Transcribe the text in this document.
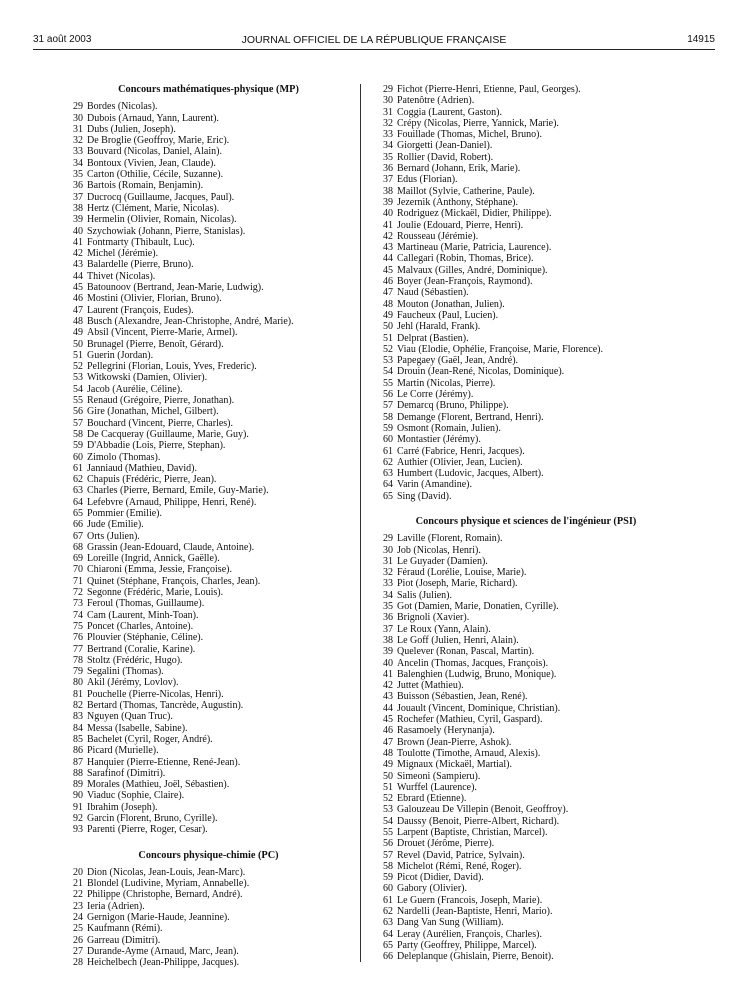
31 août 2003	JOURNAL OFFICIEL DE LA RÉPUBLIQUE FRANÇAISE	14915
Concours mathématiques-physique (MP)
29 Bordes (Nicolas).
30 Dubois (Arnaud, Yann, Laurent).
31 Dubs (Julien, Joseph).
32 De Broglie (Geoffroy, Marie, Eric).
33 Bouvard (Nicolas, Daniel, Alain).
34 Bontoux (Vivien, Jean, Claude).
35 Carton (Othilie, Cécile, Suzanne).
36 Bartois (Romain, Benjamin).
37 Ducrocq (Guillaume, Jacques, Paul).
38 Hertz (Clément, Marie, Nicolas).
39 Hermelin (Olivier, Romain, Nicolas).
40 Szychowiak (Johann, Pierre, Stanislas).
41 Fontmarty (Thibault, Luc).
42 Michel (Jérémie).
43 Balardelle (Pierre, Bruno).
44 Thivet (Nicolas).
45 Batounoov (Bertrand, Jean-Marie, Ludwig).
46 Mostini (Olivier, Florian, Bruno).
47 Laurent (François, Eudes).
48 Busch (Alexandre, Jean-Christophe, André, Marie).
49 Absil (Vincent, Pierre-Marie, Armel).
50 Brunagel (Pierre, Benoît, Gérard).
51 Guerin (Jordan).
52 Pellegrini (Florian, Louis, Yves, Frederic).
53 Witkowski (Damien, Olivier).
54 Jacob (Aurélie, Céline).
55 Renaud (Grégoire, Pierre, Jonathan).
56 Gire (Jonathan, Michel, Gilbert).
57 Bouchard (Vincent, Pierre, Charles).
58 De Cacqueray (Guillaume, Marie, Guy).
59 D'Abbadie (Lois, Pierre, Stephan).
60 Zimolo (Thomas).
61 Janniaud (Mathieu, David).
62 Chapuis (Frédéric, Pierre, Jean).
63 Charles (Pierre, Bernard, Emile, Guy-Marie).
64 Lefebvre (Arnaud, Philippe, Henri, René).
65 Pommier (Emilie).
66 Jude (Emilie).
67 Orts (Julien).
68 Grassin (Jean-Edouard, Claude, Antoine).
69 Loreille (Ingrid, Annick, Gaëlle).
70 Chiaroni (Emma, Jessie, Françoise).
71 Quinet (Stéphane, François, Charles, Jean).
72 Segonne (Frédéric, Marie, Louis).
73 Feroul (Thomas, Guillaume).
74 Cam (Laurent, Minh-Toan).
75 Poncet (Charles, Antoine).
76 Plouvier (Stéphanie, Céline).
77 Bertrand (Coralie, Karine).
78 Stoltz (Frédéric, Hugo).
79 Segalini (Thomas).
80 Akil (Jérémy, Lovlov).
81 Pouchelle (Pierre-Nicolas, Henri).
82 Bertard (Thomas, Tancrède, Augustin).
83 Nguyen (Quan Truc).
84 Messa (Isabelle, Sabine).
85 Bachelet (Cyril, Roger, André).
86 Picard (Murielle).
87 Hanquier (Pierre-Etienne, René-Jean).
88 Sarafinof (Dimitri).
89 Morales (Mathieu, Joël, Sébastien).
90 Viaduc (Sophie, Claire).
91 Ibrahim (Joseph).
92 Garcin (Florent, Bruno, Cyrille).
93 Parenti (Pierre, Roger, Cesar).
Concours physique-chimie (PC)
20 Dion (Nicolas, Jean-Louis, Jean-Marc).
21 Blondel (Ludivine, Myriam, Annabelle).
22 Philippe (Christophe, Bernard, André).
23 Ieria (Adrien).
24 Gernigon (Marie-Haude, Jeannine).
25 Kaufmann (Rémi).
26 Garreau (Dimitri).
27 Durande-Ayme (Arnaud, Marc, Jean).
28 Heichelbech (Jean-Philippe, Jacques).
29 Fichot (Pierre-Henri, Etienne, Paul, Georges).
30 Patenôtre (Adrien).
31 Coggia (Laurent, Gaston).
32 Crépy (Nicolas, Pierre, Yannick, Marie).
33 Fouillade (Thomas, Michel, Bruno).
34 Giorgetti (Jean-Daniel).
35 Rollier (David, Robert).
36 Bernard (Johann, Erik, Marie).
37 Edus (Florian).
38 Maillot (Sylvie, Catherine, Paule).
39 Jezernik (Anthony, Stéphane).
40 Rodriguez (Mickaël, Didier, Philippe).
41 Joulie (Edouard, Pierre, Henri).
42 Rousseau (Jérémie).
43 Martineau (Marie, Patricia, Laurence).
44 Callegari (Robin, Thomas, Brice).
45 Malvaux (Gilles, André, Dominique).
46 Boyer (Jean-François, Raymond).
47 Naud (Sébastien).
48 Mouton (Jonathan, Julien).
49 Faucheux (Paul, Lucien).
50 Jehl (Harald, Frank).
51 Delprat (Bastien).
52 Viau (Elodie, Ophélie, Françoise, Marie, Florence).
53 Papegaey (Gaël, Jean, André).
54 Drouin (Jean-René, Nicolas, Dominique).
55 Martin (Nicolas, Pierre).
56 Le Corre (Jérémy).
57 Demarcq (Bruno, Philippe).
58 Demange (Florent, Bertrand, Henri).
59 Osmont (Romain, Julien).
60 Montastier (Jérémy).
61 Carré (Fabrice, Henri, Jacques).
62 Authier (Olivier, Jean, Lucien).
63 Humbert (Ludovic, Jacques, Albert).
64 Varin (Amandine).
65 Sing (David).
Concours physique et sciences de l'ingénieur (PSI)
29 Laville (Florent, Romain).
30 Job (Nicolas, Henri).
31 Le Guyader (Damien).
32 Féraud (Lorélie, Louise, Marie).
33 Piot (Joseph, Marie, Richard).
34 Salis (Julien).
35 Got (Damien, Marie, Donatien, Cyrille).
36 Brignoli (Xavier).
37 Le Roux (Yann, Alain).
38 Le Goff (Julien, Henri, Alain).
39 Quelever (Ronan, Pascal, Martin).
40 Ancelin (Thomas, Jacques, François).
41 Balenghien (Ludwig, Bruno, Monique).
42 Juttet (Mathieu).
43 Buisson (Sébastien, Jean, René).
44 Jouault (Vincent, Dominique, Christian).
45 Rochefer (Mathieu, Cyril, Gaspard).
46 Rasamoely (Herynanja).
47 Brown (Jean-Pierre, Ashok).
48 Toulotte (Timothe, Arnaud, Alexis).
49 Mignaux (Mickaël, Martial).
50 Simeoni (Sampieru).
51 Wurffel (Laurence).
52 Ebrard (Etienne).
53 Galouzeau De Villepin (Benoit, Geoffroy).
54 Daussy (Benoit, Pierre-Albert, Richard).
55 Larpent (Baptiste, Christian, Marcel).
56 Drouet (Jérôme, Pierre).
57 Revel (David, Patrice, Sylvain).
58 Michelot (Rémi, René, Roger).
59 Picot (Didier, David).
60 Gabory (Olivier).
61 Le Guern (Francois, Joseph, Marie).
62 Nardelli (Jean-Baptiste, Henri, Mario).
63 Dang Van Sung (William).
64 Leray (Aurélien, François, Charles).
65 Party (Geoffrey, Philippe, Marcel).
66 Deleplanque (Ghislain, Pierre, Benoit).
